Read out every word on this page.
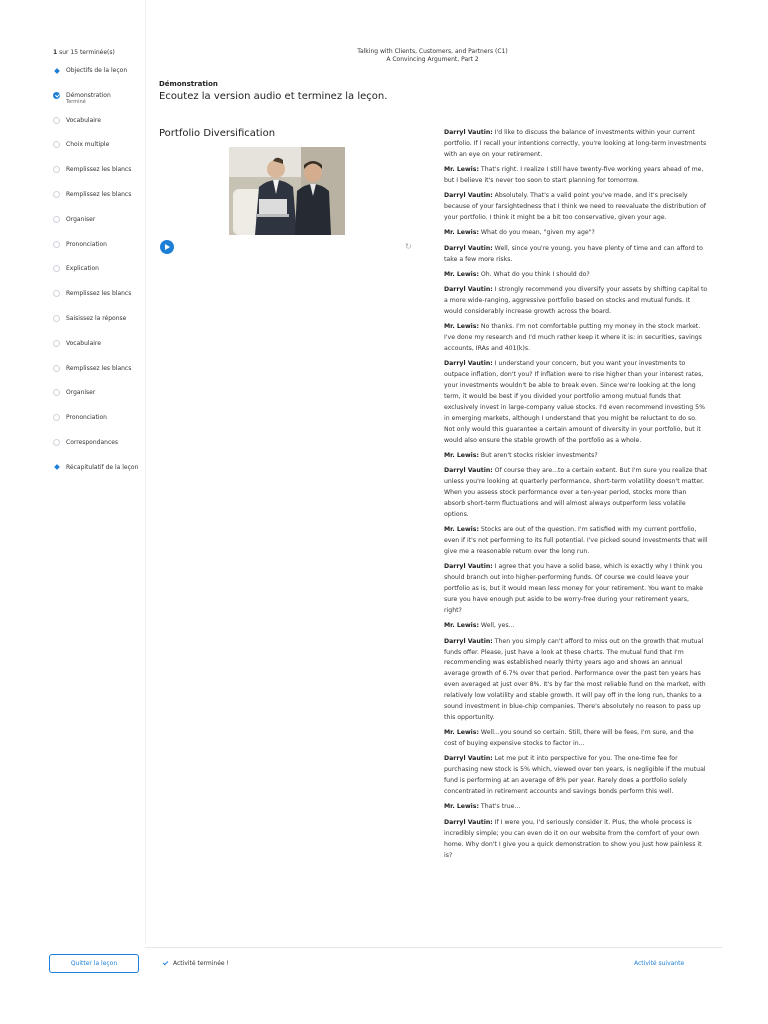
1 sur 15 terminée(s)
Objectifs de la leçon
Démonstration
Terminé
Vocabulaire
Choix multiple
Remplissez les blancs
Remplissez les blancs
Organiser
Prononciation
Explication
Remplissez les blancs
Saisissez la réponse
Vocabulaire
Remplissez les blancs
Organiser
Prononciation
Correspondances
Récapitulatif de la leçon
Talking with Clients, Customers, and Partners (C1)
A Convincing Argument, Part 2
Démonstration
Ecoutez la version audio et terminez la leçon.
Portfolio Diversification
↻

Darryl Vautin: I'd like to discuss the balance of investments within your current portfolio. If I recall your intentions correctly, you're looking at long-term investments with an eye on your retirement.

Mr. Lewis: That's right. I realize I still have twenty-five working years ahead of me, but I believe it's never too soon to start planning for tomorrow.

Darryl Vautin: Absolutely. That's a valid point you've made, and it's precisely because of your farsightedness that I think we need to reevaluate the distribution of your portfolio. I think it might be a bit too conservative, given your age.

Mr. Lewis: What do you mean, "given my age"?

Darryl Vautin: Well, since you're young, you have plenty of time and can afford to take a few more risks.

Mr. Lewis: Oh. What do you think I should do?

Darryl Vautin: I strongly recommend you diversify your assets by shifting capital to a more wide-ranging, aggressive portfolio based on stocks and mutual funds. It would considerably increase growth across the board.

Mr. Lewis: No thanks. I'm not comfortable putting my money in the stock market. I've done my research and I'd much rather keep it where it is: in securities, savings accounts, IRAs and 401(k)s.

Darryl Vautin: I understand your concern, but you want your investments to outpace inflation, don't you? If inflation were to rise higher than your interest rates, your investments wouldn't be able to break even. Since we're looking at the long term, it would be best if you divided your portfolio among mutual funds that exclusively invest in large-company value stocks. I'd even recommend investing 5% in emerging markets, although I understand that you might be reluctant to do so. Not only would this guarantee a certain amount of diversity in your portfolio, but it would also ensure the stable growth of the portfolio as a whole.

Mr. Lewis: But aren't stocks riskier investments?

Darryl Vautin: Of course they are...to a certain extent. But I'm sure you realize that unless you're looking at quarterly performance, short-term volatility doesn't matter. When you assess stock performance over a ten-year period, stocks more than absorb short-term fluctuations and will almost always outperform less volatile options.

Mr. Lewis: Stocks are out of the question. I'm satisfied with my current portfolio, even if it's not performing to its full potential. I've picked sound investments that will give me a reasonable return over the long run.

Darryl Vautin: I agree that you have a solid base, which is exactly why I think you should branch out into higher-performing funds. Of course we could leave your portfolio as is, but it would mean less money for your retirement. You want to make sure you have enough put aside to be worry-free during your retirement years, right?

Mr. Lewis: Well, yes...

Darryl Vautin: Then you simply can't afford to miss out on the growth that mutual funds offer. Please, just have a look at these charts. The mutual fund that I'm recommending was established nearly thirty years ago and shows an annual average growth of 6.7% over that period. Performance over the past ten years has even averaged at just over 8%. It's by far the most reliable fund on the market, with relatively low volatility and stable growth. It will pay off in the long run, thanks to a sound investment in blue-chip companies. There's absolutely no reason to pass up this opportunity.

Mr. Lewis: Well...you sound so certain. Still, there will be fees, I'm sure, and the cost of buying expensive stocks to factor in...

Darryl Vautin: Let me put it into perspective for you. The one-time fee for purchasing new stock is 5% which, viewed over ten years, is negligible if the mutual fund is performing at an average of 8% per year. Rarely does a portfolio solely concentrated in retirement accounts and savings bonds perform this well.

Mr. Lewis: That's true...

Darryl Vautin: If I were you, I'd seriously consider it. Plus, the whole process is incredibly simple; you can even do it on our website from the comfort of your own home. Why don't I give you a quick demonstration to show you just how painless it is?

Quitter la leçon	Activité terminée !	Activité suivante
